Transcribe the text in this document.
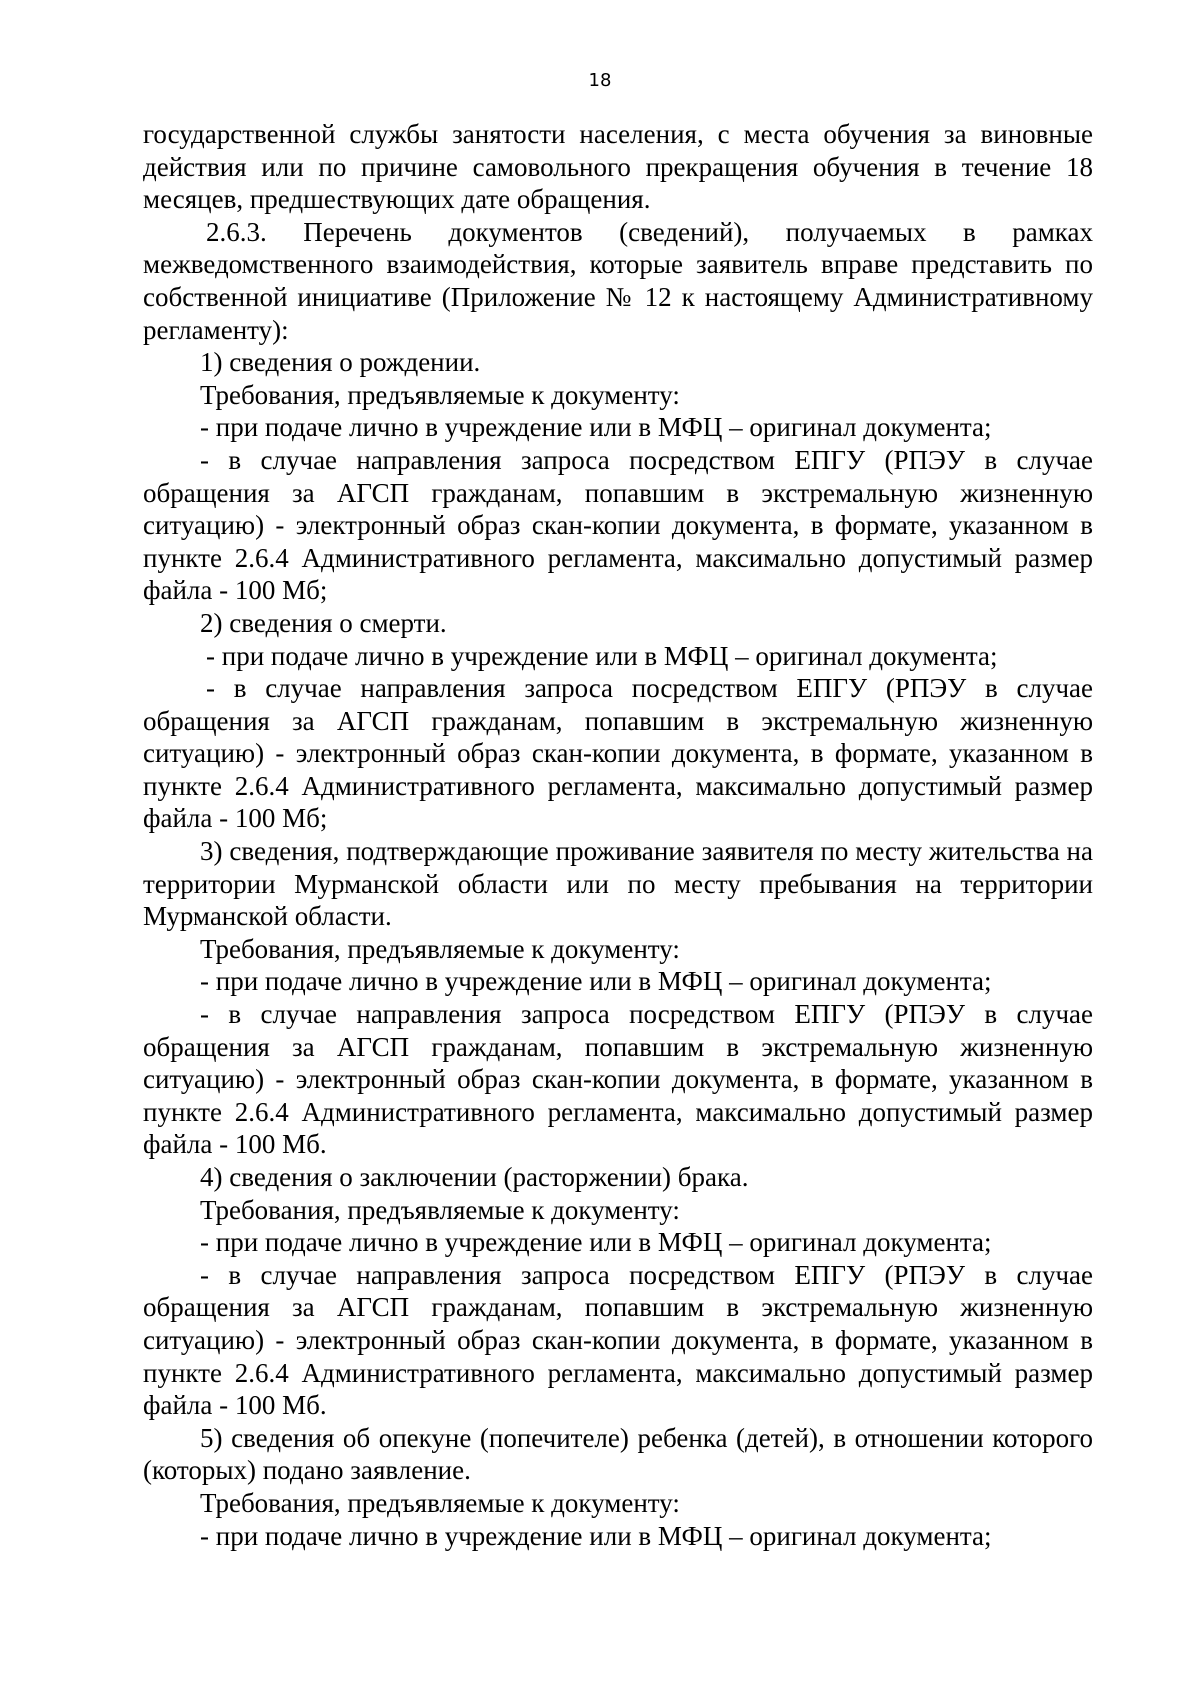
18

государственной службы занятости населения, с места обучения за виновные действия или по причине самовольного прекращения обучения в течение 18 месяцев, предшествующих дате обращения.

2.6.3. Перечень документов (сведений), получаемых в рамках межведомственного взаимодействия, которые заявитель вправе представить по собственной инициативе (Приложение № 12 к настоящему Административному регламенту):

1) сведения о рождении.

Требования, предъявляемые к документу:

- при подаче лично в учреждение или в МФЦ – оригинал документа;

- в случае направления запроса посредством ЕПГУ (РПЭУ в случае обращения за АГСП гражданам, попавшим в экстремальную жизненную ситуацию) - электронный образ скан-копии документа, в формате, указанном в пункте 2.6.4 Административного регламента, максимально допустимый размер файла - 100 Мб;

2) сведения о смерти.

- при подаче лично в учреждение или в МФЦ – оригинал документа;

- в случае направления запроса посредством ЕПГУ (РПЭУ в случае обращения за АГСП гражданам, попавшим в экстремальную жизненную ситуацию) - электронный образ скан-копии документа, в формате, указанном в пункте 2.6.4 Административного регламента, максимально допустимый размер файла - 100 Мб;

3) сведения, подтверждающие проживание заявителя по месту жительства на территории Мурманской области или по месту пребывания на территории Мурманской области.

Требования, предъявляемые к документу:

- при подаче лично в учреждение или в МФЦ – оригинал документа;

- в случае направления запроса посредством ЕПГУ (РПЭУ в случае обращения за АГСП гражданам, попавшим в экстремальную жизненную ситуацию) - электронный образ скан-копии документа, в формате, указанном в пункте 2.6.4 Административного регламента, максимально допустимый размер файла - 100 Мб.

4) сведения о заключении (расторжении) брака.

Требования, предъявляемые к документу:

- при подаче лично в учреждение или в МФЦ – оригинал документа;

- в случае направления запроса посредством ЕПГУ (РПЭУ в случае обращения за АГСП гражданам, попавшим в экстремальную жизненную ситуацию) - электронный образ скан-копии документа, в формате, указанном в пункте 2.6.4 Административного регламента, максимально допустимый размер файла - 100 Мб.

5) сведения об опекуне (попечителе) ребенка (детей), в отношении которого (которых) подано заявление.

Требования, предъявляемые к документу:

- при подаче лично в учреждение или в МФЦ – оригинал документа;
